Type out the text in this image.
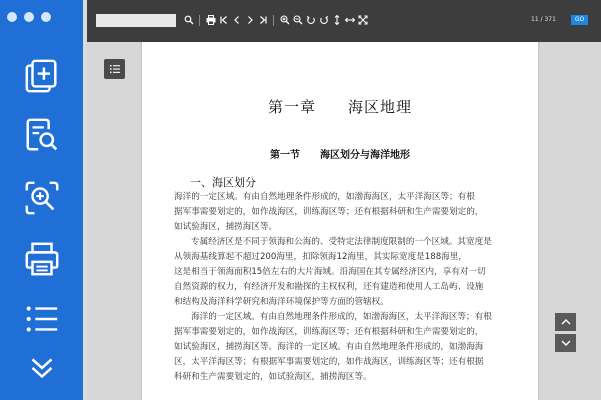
11 / 371	GO
第一章　　海区地理
第一节　　海区划分与海洋地形
一、海区划分
海洋的一定区域。有由自然地理条件形成的，如渤海海区，太平洋海区等；有根
据军事需要划定的，如作战海区，训练海区等；还有根据科研和生产需要划定的，
如试验海区，捕捞海区等。
专属经济区是不同于领海和公海的、受特定法律制度限制的一个区域。其宽度是
从领海基线算起不超过200海里，扣除领海12海里，其实际宽度是188海里，
这是相当于领海面积15倍左右的大片海域。沿海国在其专属经济区内，享有对一切
自然资源的权力，有经济开发和勘探的主权权利，还有建造和使用人工岛屿、设施
和结构及海洋科学研究和海洋环境保护等方面的管辖权。
海洋的一定区域。有由自然地理条件形成的，如渤海海区，太平洋海区等；有根
据军事需要划定的，如作战海区，训练海区等；还有根据科研和生产需要划定的，
如试验海区，捕捞海区等。海洋的一定区域。有由自然地理条件形成的，如渤海海
区，太平洋海区等；有根据军事需要划定的，如作战海区，训练海区等；还有根据
科研和生产需要划定的，如试验海区，捕捞海区等。
